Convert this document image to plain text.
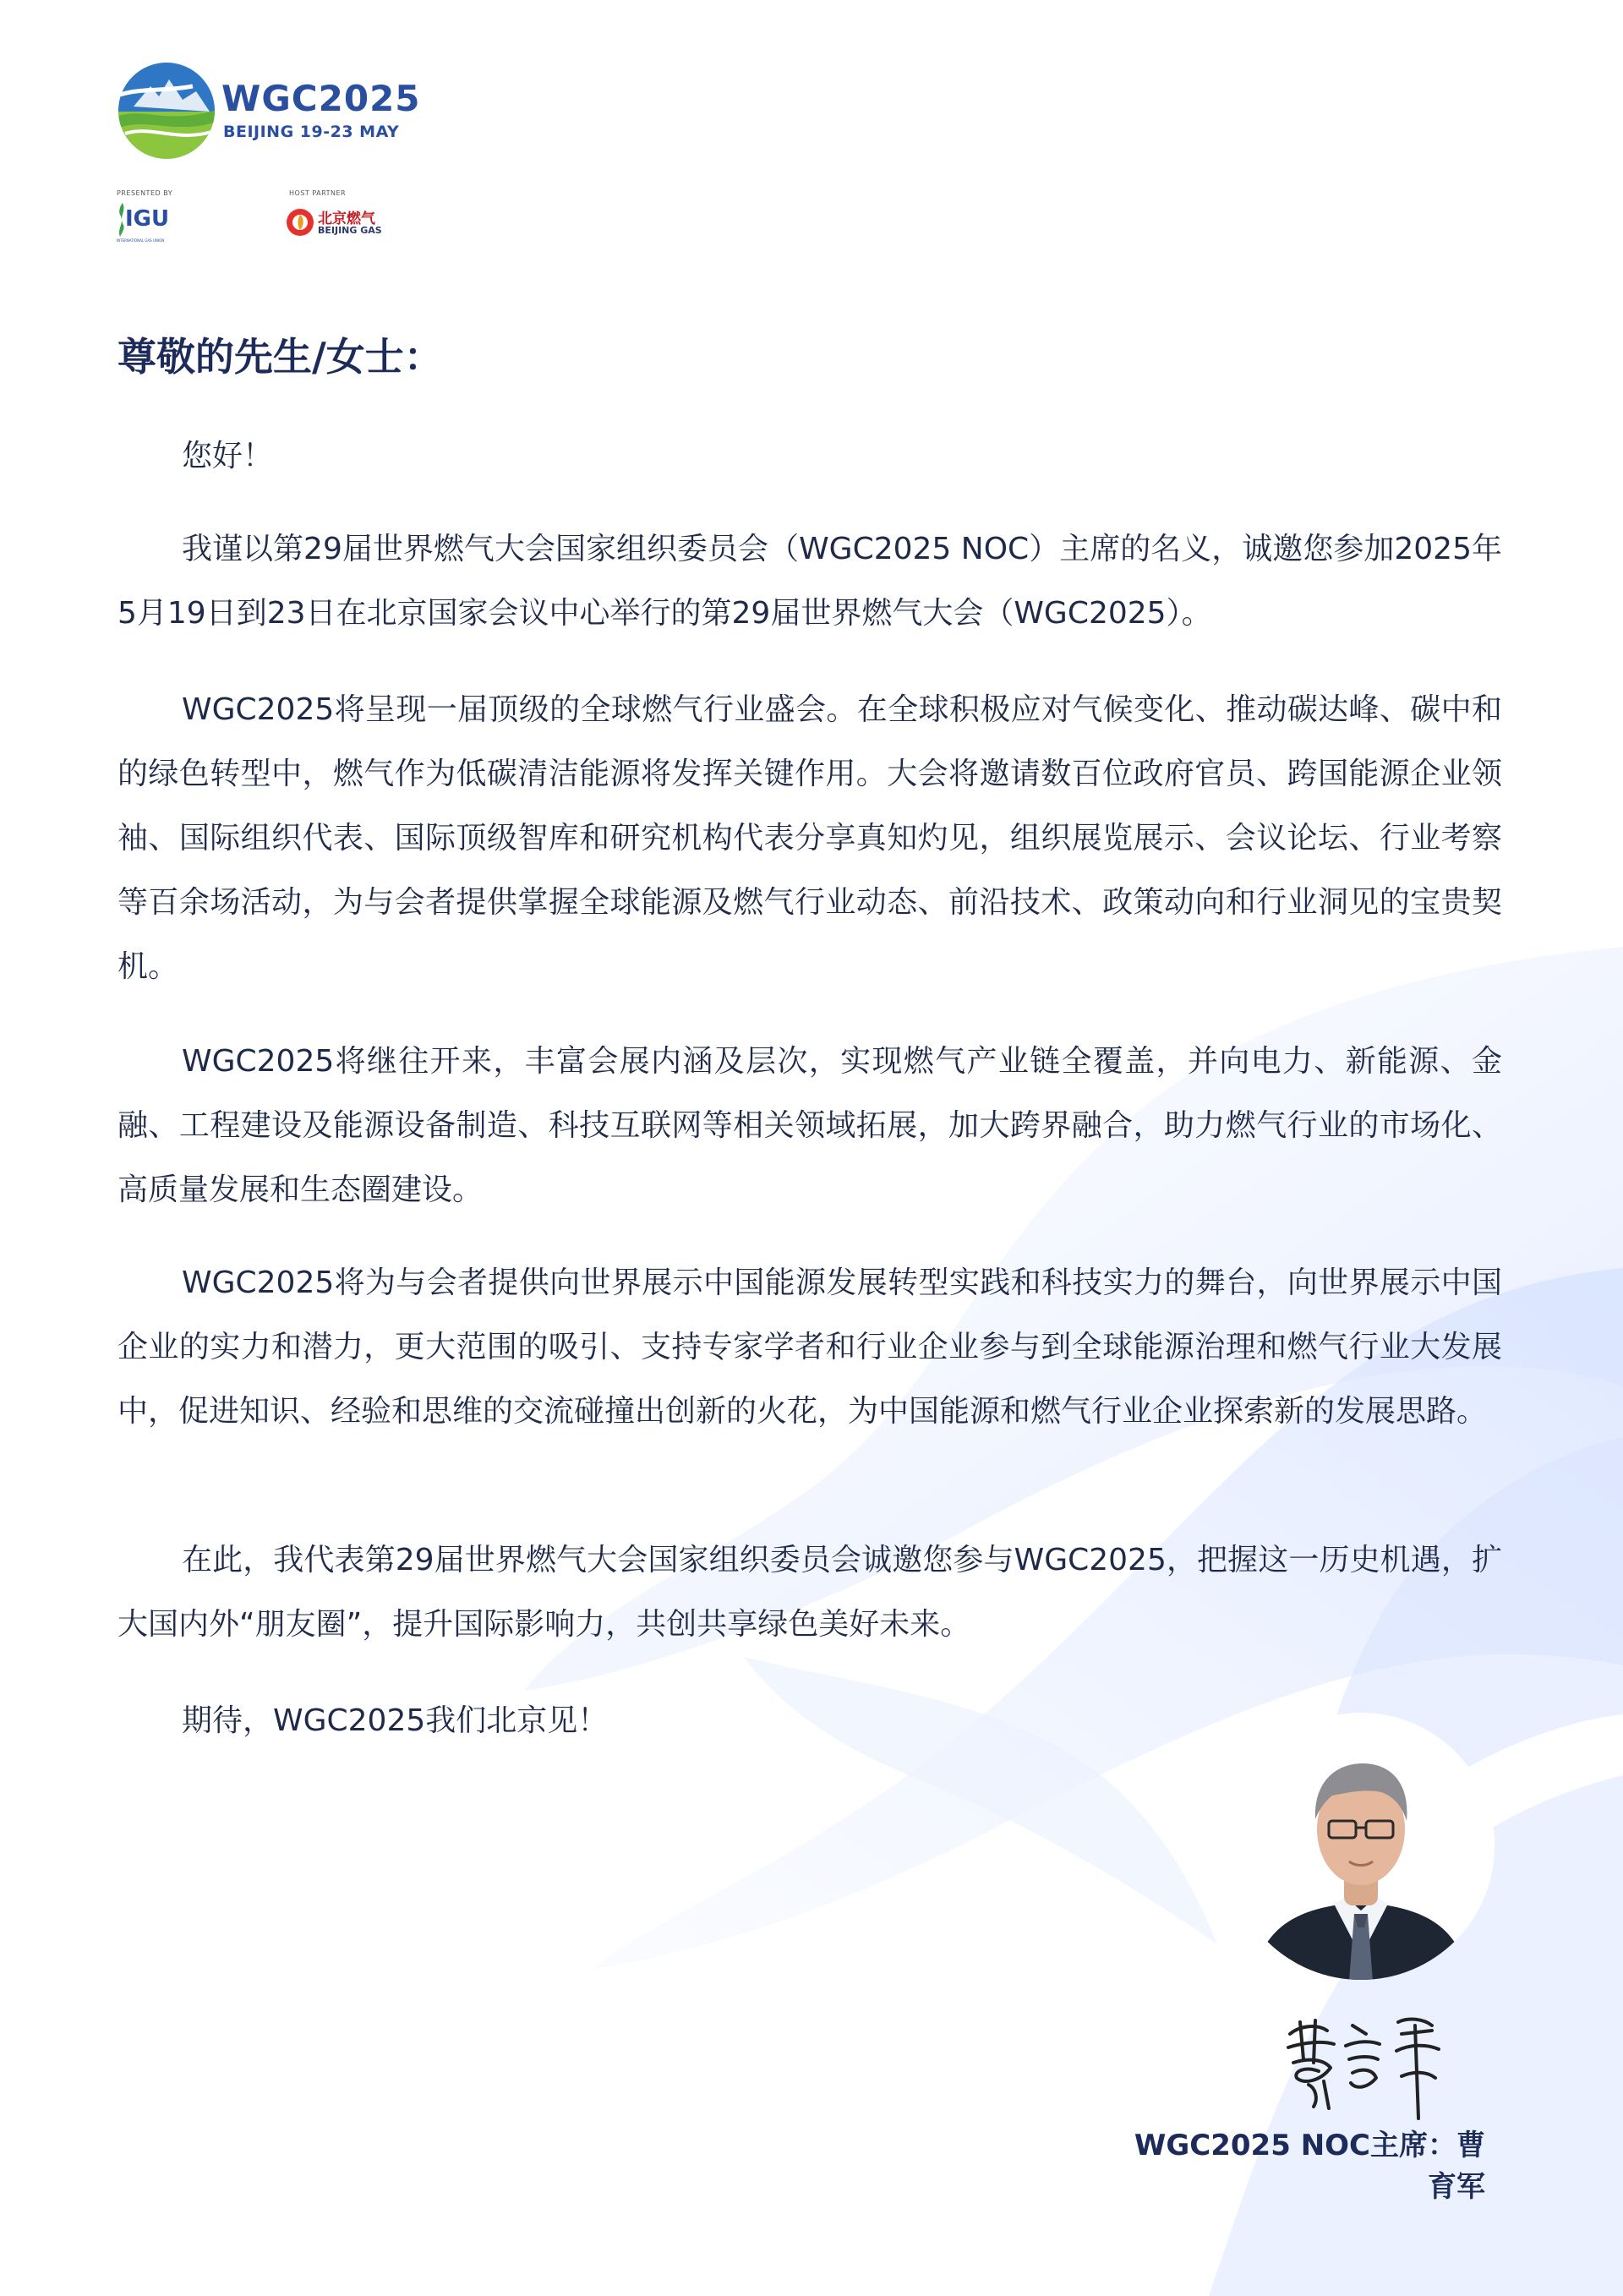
WGC2025
BEIJING 19-23 MAY
PRESENTED BY	HOST PARTNER
IGU
INTERNATIONAL GAS UNION
北京燃气
BEIJING GAS
尊敬的先生/女士：

您好！

我谨以第29届世界燃气大会国家组织委员会（WGC2025 NOC）主席的名义，诚邀您参加2025年5月19日到23日在北京国家会议中心举行的第29届世界燃气大会（WGC2025）。

WGC2025将呈现一届顶级的全球燃气行业盛会。在全球积极应对气候变化、推动碳达峰、碳中和的绿色转型中，燃气作为低碳清洁能源将发挥关键作用。大会将邀请数百位政府官员、跨国能源企业领袖、国际组织代表、国际顶级智库和研究机构代表分享真知灼见，组织展览展示、会议论坛、行业考察等百余场活动，为与会者提供掌握全球能源及燃气行业动态、前沿技术、政策动向和行业洞见的宝贵契机。

WGC2025将继往开来，丰富会展内涵及层次，实现燃气产业链全覆盖，并向电力、新能源、金融、工程建设及能源设备制造、科技互联网等相关领域拓展，加大跨界融合，助力燃气行业的市场化、高质量发展和生态圈建设。

WGC2025将为与会者提供向世界展示中国能源发展转型实践和科技实力的舞台，向世界展示中国企业的实力和潜力，更大范围的吸引、支持专家学者和行业企业参与到全球能源治理和燃气行业大发展中，促进知识、经验和思维的交流碰撞出创新的火花，为中国能源和燃气行业企业探索新的发展思路。

在此，我代表第29届世界燃气大会国家组织委员会诚邀您参与WGC2025，把握这一历史机遇，扩大国内外“朋友圈”，提升国际影响力，共创共享绿色美好未来。

期待，WGC2025我们北京见！

WGC2025 NOC主席：曹育军
